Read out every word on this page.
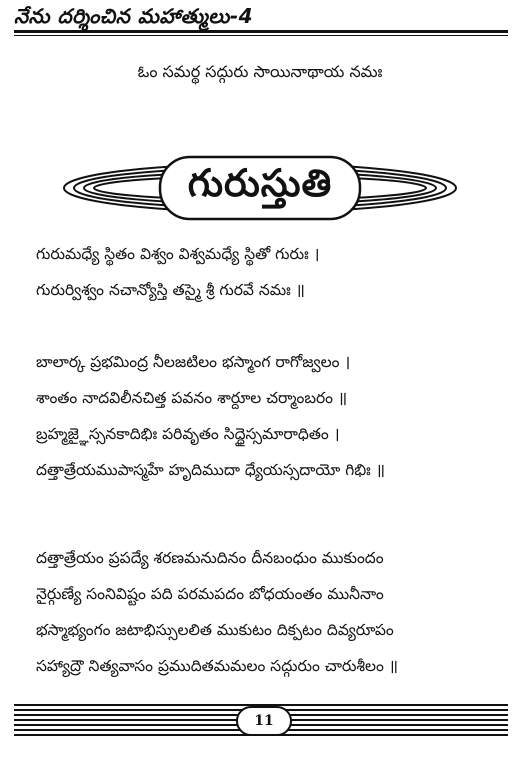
నేను దర్శించిన మహాత్ములు-4
ఓం సమర్థ సద్గురు సాయినాథాయ నమః
గురుస్తుతి
గురుమధ్యే స్థితం విశ్వం విశ్వమధ్యే స్థితో గురుః ।
గురుర్విశ్వం నచాన్యోస్తి తస్మై శ్రీ గురవే నమః ॥
బాలార్క ప్రభమింద్ర నీలజటిలం భస్మాంగ రాగోజ్వలం ।
శాంతం నాదవిలీనచిత్త పవనం శార్దూల చర్మాంబరం ॥
బ్రహ్మజ్ఞైస్సనకాదిభిః పరివృతం సిద్ధైస్సమారాధితం ।
దత్తాత్రేయముపాస్మహే హృదిముదా ధ్యేయస్సదాయో గిభిః ॥
దత్తాత్రేయం ప్రపద్యే శరణమనుదినం దీనబంధుం ముకుందం
నైర్గుణ్యే సంనివిష్టం పది పరమపదం బోధయంతం మునీనాం
భస్మాభ్యంగం జటాభిస్సులలిత ముకుటం దిక్పటం దివ్యరూపం
సహ్యాద్రౌ నిత్యవాసం ప్రముదితమమలం సద్గురుం చారుశీలం ॥
11
